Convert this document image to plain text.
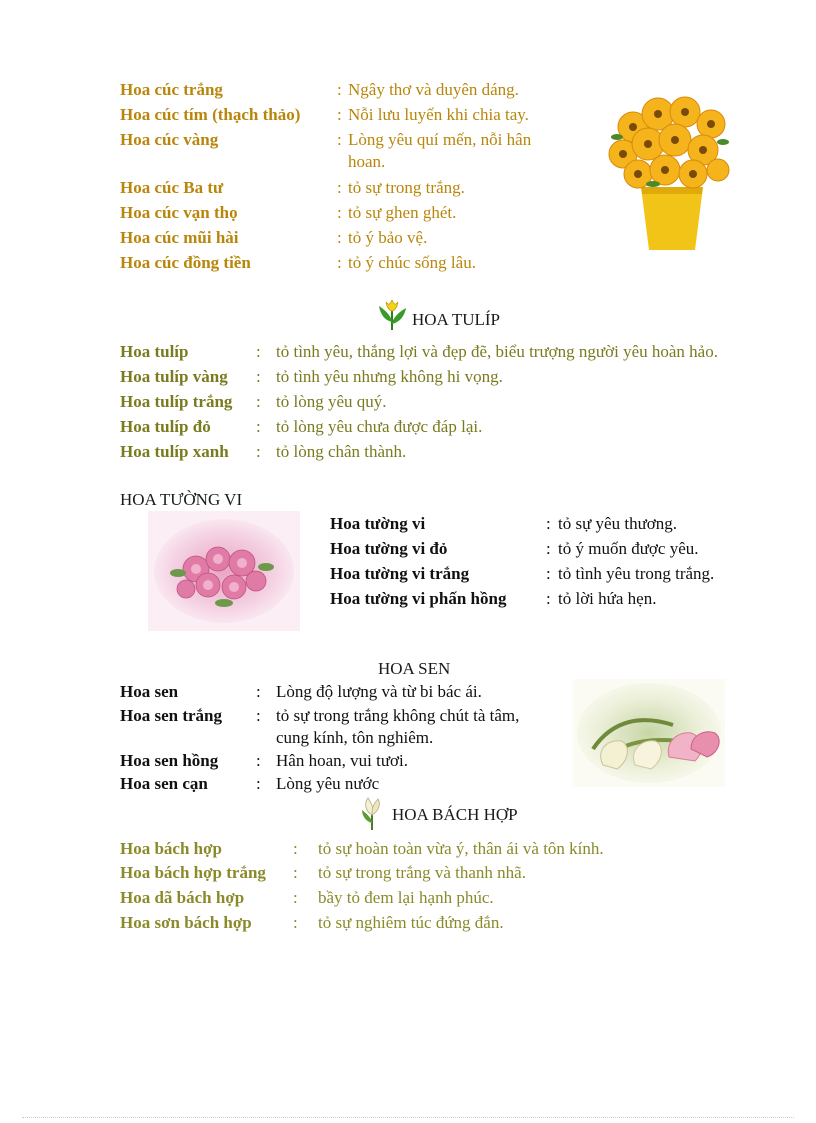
Hoa cúc trắng	: Ngây thơ và duyên dáng.
Hoa cúc tím (thạch thảo) : Nỗi lưu luyến khi chia tay.
Hoa cúc vàng	: Lòng yêu quí mến, nỗi hân
hoan.
Hoa cúc Ba tư	: tỏ sự trong trắng.
Hoa cúc vạn thọ	: tỏ sự ghen ghét.
Hoa cúc mũi hài	: tỏ ý bảo vệ.
Hoa cúc đồng tiền	: tỏ ý chúc sống lâu.
HOA TULÍP
Hoa tulíp	: tỏ tình yêu, thắng lợi và đẹp đẽ, biểu trượng người yêu hoàn hảo.
Hoa tulíp vàng : tỏ tình yêu nhưng không hi vọng.
Hoa tulíp trắng : tỏ lòng yêu quý.
Hoa tulíp đỏ	: tỏ lòng yêu chưa được đáp lại.
Hoa tulíp xanh : tỏ lòng chân thành.
HOA TƯỜNG VI
Hoa tường vi	: tỏ sự yêu thương.
Hoa tường vi đỏ	: tỏ ý muốn được yêu.
Hoa tường vi trắng	: tỏ tình yêu trong trắng.
Hoa tường vi phấn hồng : tỏ lời hứa hẹn.
HOA SEN
Hoa sen	: Lòng độ lượng và từ bi bác ái.
Hoa sen trắng : tỏ sự trong trắng không chút tà tâm,
cung kính, tôn nghiêm.
Hoa sen hồng : Hân hoan, vui tươi.
Hoa sen cạn	: Lòng yêu nước
HOA BÁCH HỢP
Hoa bách hợp	: tỏ sự hoàn toàn vừa ý, thân ái và tôn kính.
Hoa bách hợp trắng : tỏ sự trong trắng và thanh nhã.
Hoa dã bách hợp	: bầy tỏ đem lại hạnh phúc.
Hoa sơn bách hợp : tỏ sự nghiêm túc đứng đắn.
